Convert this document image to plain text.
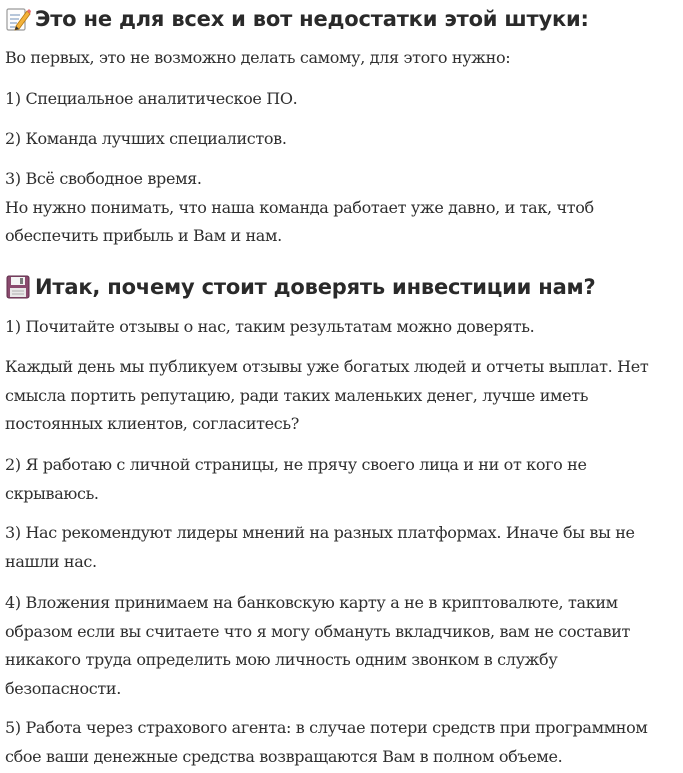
Это не для всех и вот недостатки этой штуки:

Во первых, это не возможно делать самому, для этого нужно:

1) Специальное аналитическое ПО.

2) Команда лучших специалистов.

3) Всё свободное время.
Но нужно понимать, что наша команда работает уже давно, и так, чтоб
обеспечить прибыль и Вам и нам.

Итак, почему стоит доверять инвестиции нам?

1) Почитайте отзывы о нас, таким результатам можно доверять.

Каждый день мы публикуем отзывы уже богатых людей и отчеты выплат. Нет
смысла портить репутацию, ради таких маленьких денег, лучше иметь
постоянных клиентов, согласитесь?

2) Я работаю с личной страницы, не прячу своего лица и ни от кого не
скрываюсь.

3) Нас рекомендуют лидеры мнений на разных платформах. Иначе бы вы не
нашли нас.

4) Вложения принимаем на банковскую карту а не в криптовалюте, таким
образом если вы считаете что я могу обмануть вкладчиков, вам не составит
никакого труда определить мою личность одним звонком в службу
безопасности.

5) Работа через страхового агента: в случае потери средств при программном
сбое ваши денежные средства возвращаются Вам в полном объеме.
